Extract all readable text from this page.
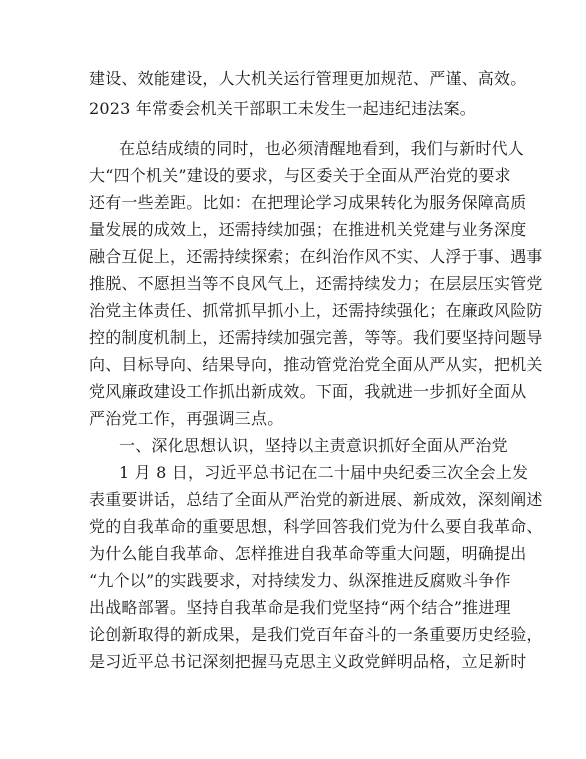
建设、效能建设，人大机关运行管理更加规范、严谨、高效。
2023 年常委会机关干部职工未发生一起违纪违法案。
在总结成绩的同时，也必须清醒地看到，我们与新时代人
大“四个机关”建设的要求，与区委关于全面从严治党的要求
还有一些差距。比如：在把理论学习成果转化为服务保障高质
量发展的成效上，还需持续加强；在推进机关党建与业务深度
融合互促上，还需持续探索；在纠治作风不实、人浮于事、遇事
推脱、不愿担当等不良风气上，还需持续发力；在层层压实管党
治党主体责任、抓常抓早抓小上，还需持续强化；在廉政风险防
控的制度机制上，还需持续加强完善，等等。我们要坚持问题导
向、目标导向、结果导向，推动管党治党全面从严从实，把机关
党风廉政建设工作抓出新成效。下面，我就进一步抓好全面从
严治党工作，再强调三点。
一、深化思想认识，坚持以主责意识抓好全面从严治党
1 月 8 日，习近平总书记在二十届中央纪委三次全会上发
表重要讲话，总结了全面从严治党的新进展、新成效，深刻阐述
党的自我革命的重要思想，科学回答我们党为什么要自我革命、
为什么能自我革命、怎样推进自我革命等重大问题，明确提出
“九个以”的实践要求，对持续发力、纵深推进反腐败斗争作
出战略部署。坚持自我革命是我们党坚持“两个结合”推进理
论创新取得的新成果，是我们党百年奋斗的一条重要历史经验，
是习近平总书记深刻把握马克思主义政党鲜明品格，立足新时
